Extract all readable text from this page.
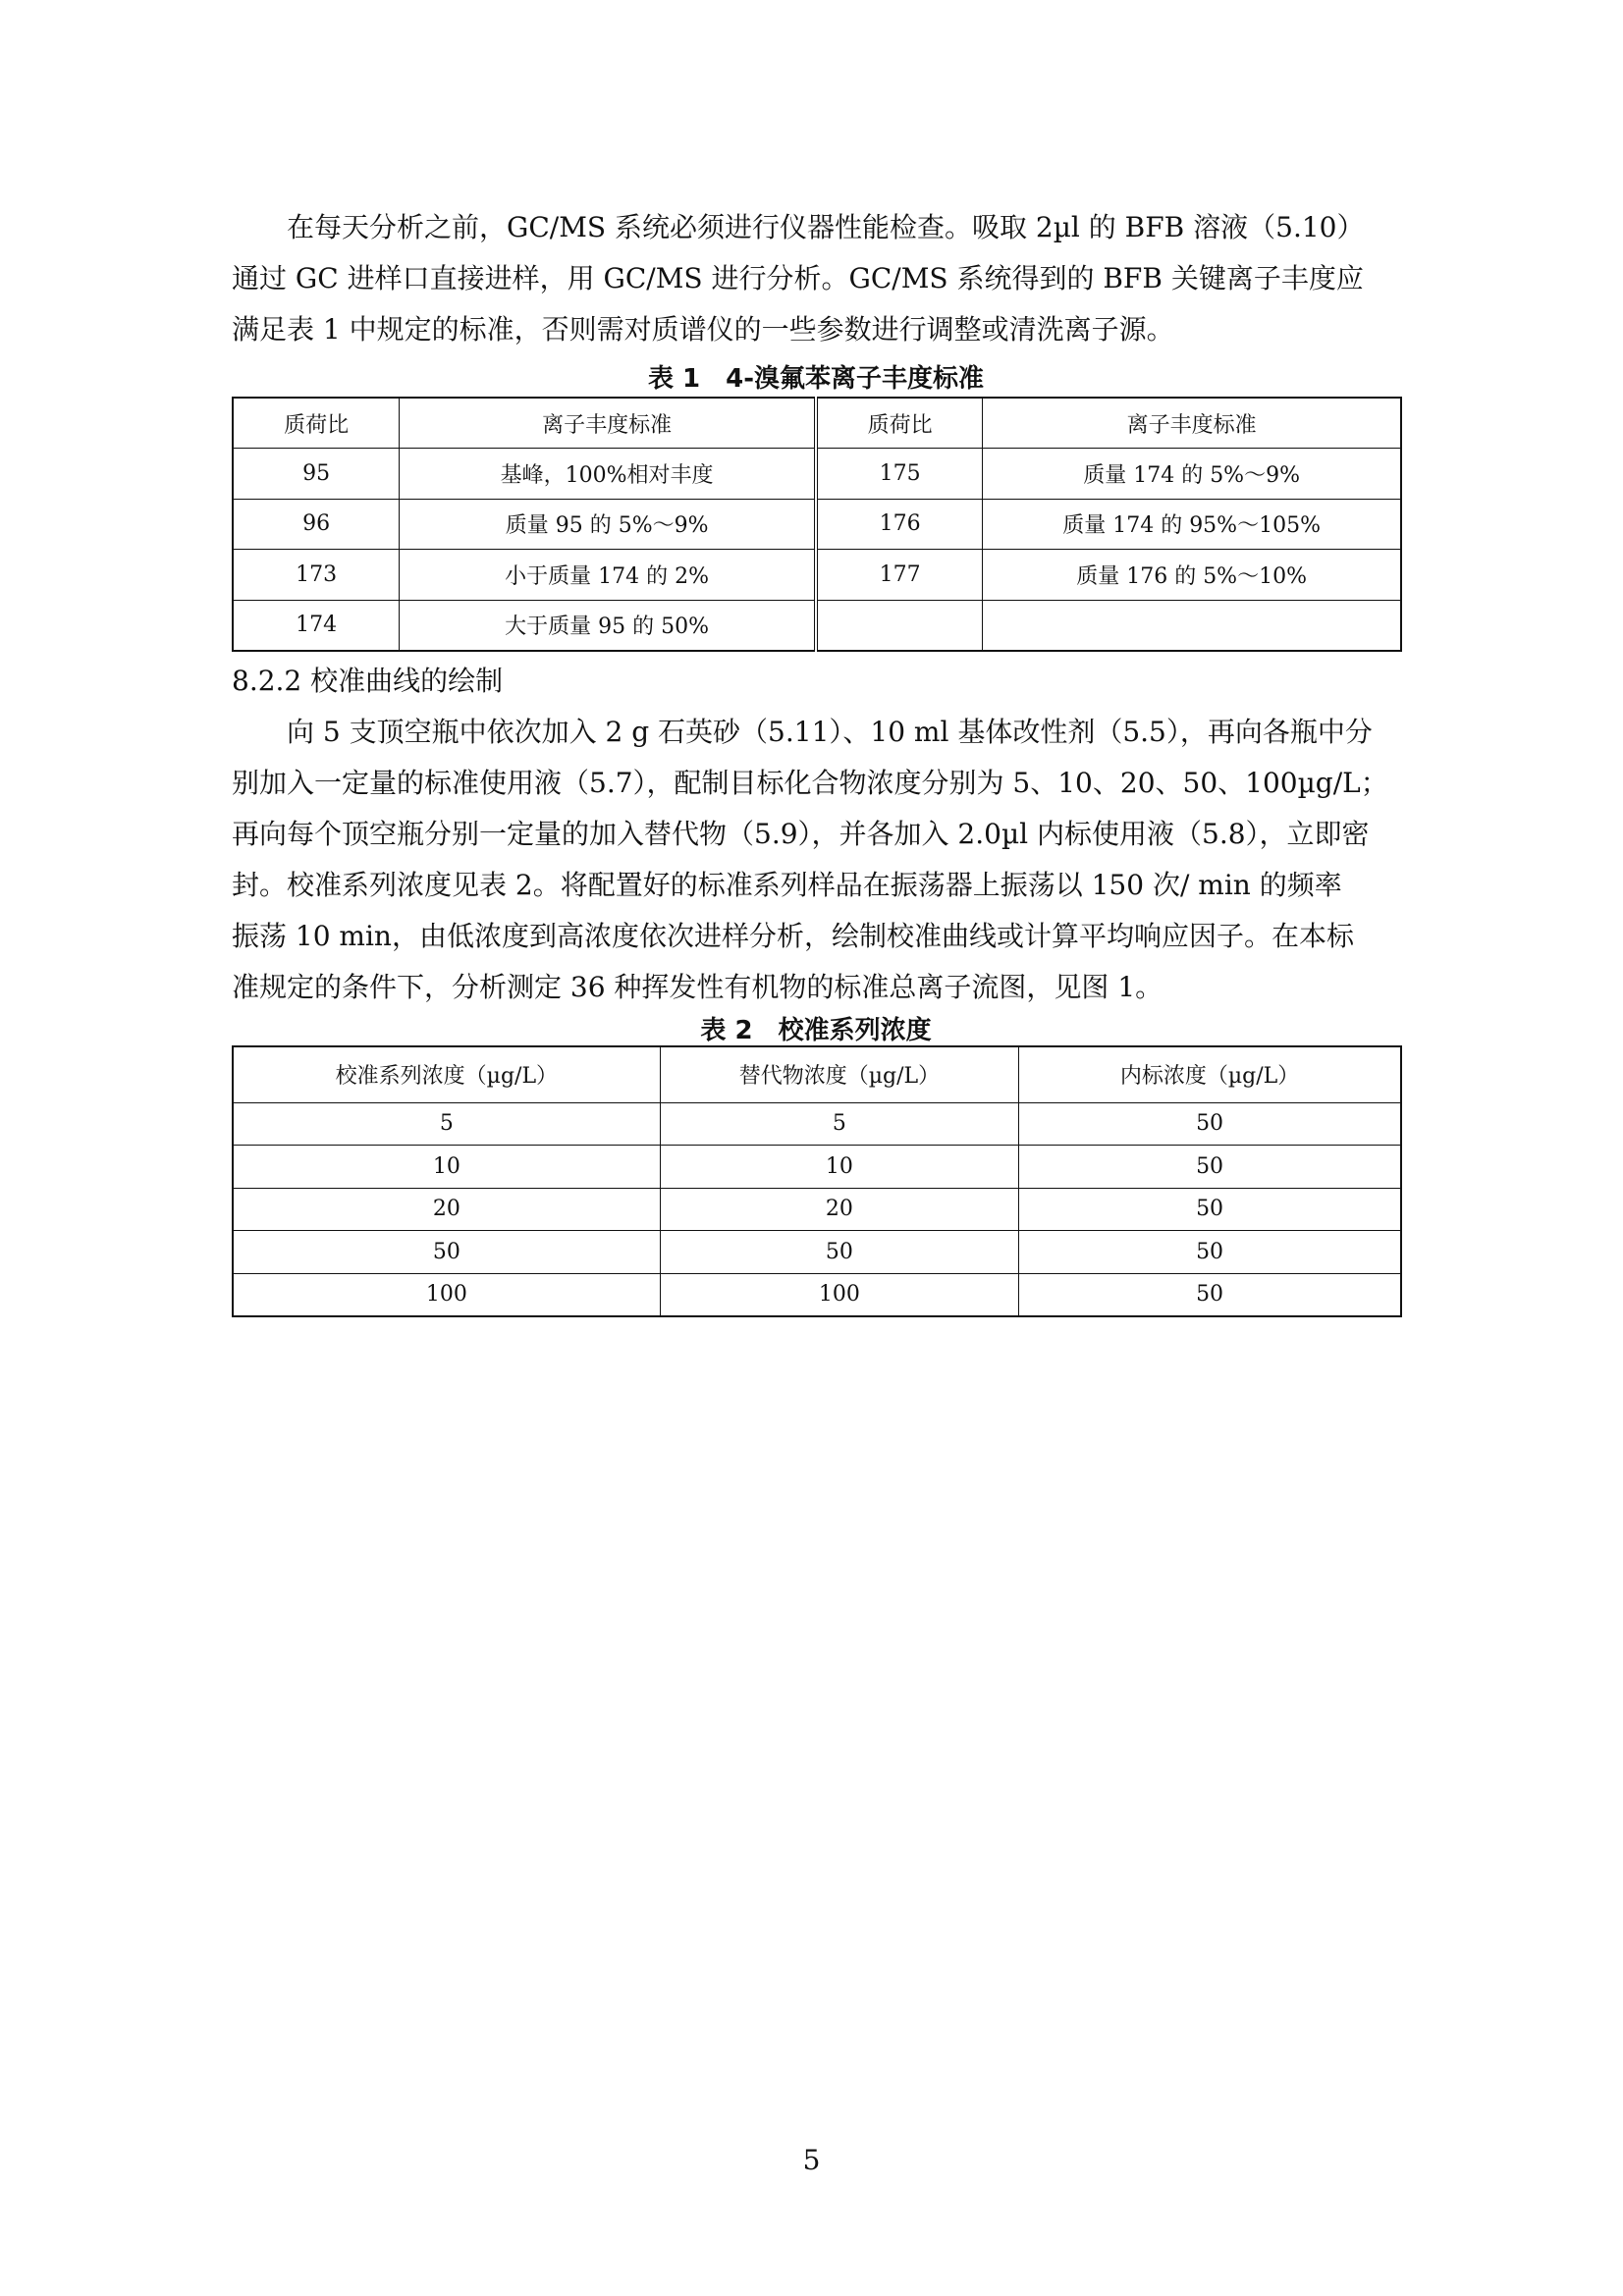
在每天分析之前，GC/MS 系统必须进行仪器性能检查。吸取 2µl 的 BFB 溶液（5.10）
通过 GC 进样口直接进样，用 GC/MS 进行分析。GC/MS 系统得到的 BFB 关键离子丰度应
满足表 1 中规定的标准，否则需对质谱仪的一些参数进行调整或清洗离子源。

表 1　4-溴氟苯离子丰度标准

质荷比	离子丰度标准	质荷比	离子丰度标准
95	基峰，100%相对丰度	175	质量 174 的 5%～9%
96	质量 95 的 5%～9%	176	质量 174 的 95%～105%
173	小于质量 174 的 2%	177	质量 176 的 5%～10%
174	大于质量 95 的 50%		

8.2.2 校准曲线的绘制

向 5 支顶空瓶中依次加入 2 g 石英砂（5.11）、10 ml 基体改性剂（5.5），再向各瓶中分
别加入一定量的标准使用液（5.7），配制目标化合物浓度分别为 5、10、20、50、100µg/L；
再向每个顶空瓶分别一定量的加入替代物（5.9），并各加入 2.0µl 内标使用液（5.8），立即密
封。校准系列浓度见表 2。将配置好的标准系列样品在振荡器上振荡以 150 次/ min 的频率
振荡 10 min，由低浓度到高浓度依次进样分析，绘制校准曲线或计算平均响应因子。在本标
准规定的条件下，分析测定 36 种挥发性有机物的标准总离子流图，见图 1。

表 2　校准系列浓度

校准系列浓度（µg/L）	替代物浓度（µg/L）	内标浓度（µg/L）
5	5	50
10	10	50
20	20	50
50	50	50
100	100	50

5
